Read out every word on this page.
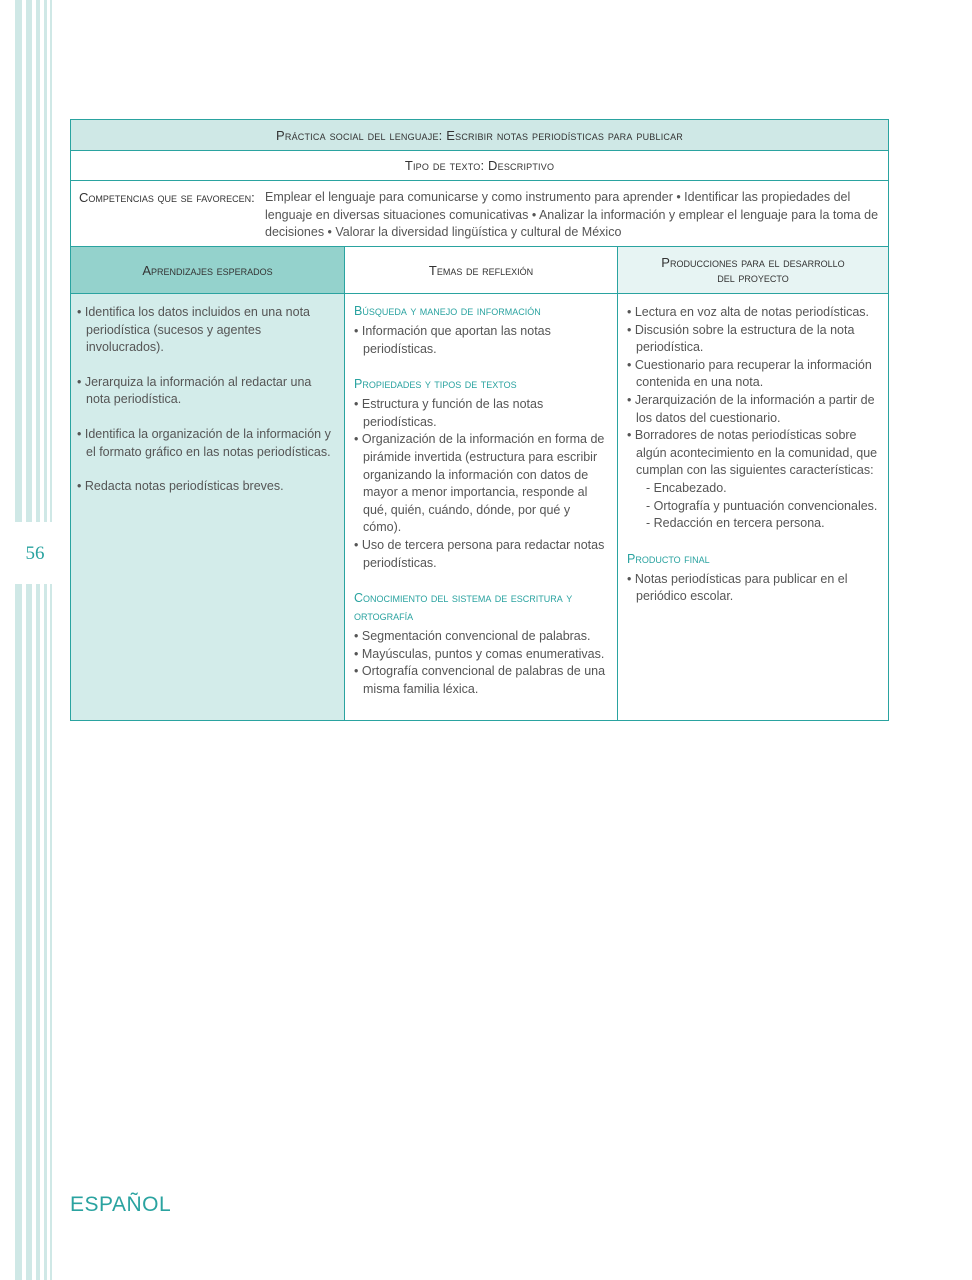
56
Práctica social del lenguaje: Escribir notas periodísticas para publicar
Tipo de texto: Descriptivo
Competencias que se favorecen: Emplear el lenguaje para comunicarse y como instrumento para aprender • Identificar las propiedades del lenguaje en diversas situaciones comunicativas • Analizar la información y emplear el lenguaje para la toma de decisiones • Valorar la diversidad lingüística y cultural de México
Aprendizajes esperados	Temas de reflexión	Producciones para el desarrollo
del proyecto
• Identifica los datos incluidos en una nota periodística (sucesos y agentes involucrados).
• Jerarquiza la información al redactar una nota periodística.
• Identifica la organización de la información y el formato gráfico en las notas periodísticas.
• Redacta notas periodísticas breves.
Búsqueda y manejo de información
• Información que aportan las notas periodísticas.
Propiedades y tipos de textos
• Estructura y función de las notas periodísticas.
• Organización de la información en forma de pirámide invertida (estructura para escribir organizando la información con datos de mayor a menor importancia, responde al qué, quién, cuándo, dónde, por qué y cómo).
• Uso de tercera persona para redactar notas periodísticas.
Conocimiento del sistema de escritura y ortografía
• Segmentación convencional de palabras.
• Mayúsculas, puntos y comas enumerativas.
• Ortografía convencional de palabras de una misma familia léxica.
• Lectura en voz alta de notas periodísticas.
• Discusión sobre la estructura de la nota periodística.
• Cuestionario para recuperar la información contenida en una nota.
• Jerarquización de la información a partir de los datos del cuestionario.
• Borradores de notas periodísticas sobre algún acontecimiento en la comunidad, que cumplan con las siguientes características:
- Encabezado.
- Ortografía y puntuación convencionales.
- Redacción en tercera persona.
Producto final
• Notas periodísticas para publicar en el periódico escolar.
ESPAÑOL
